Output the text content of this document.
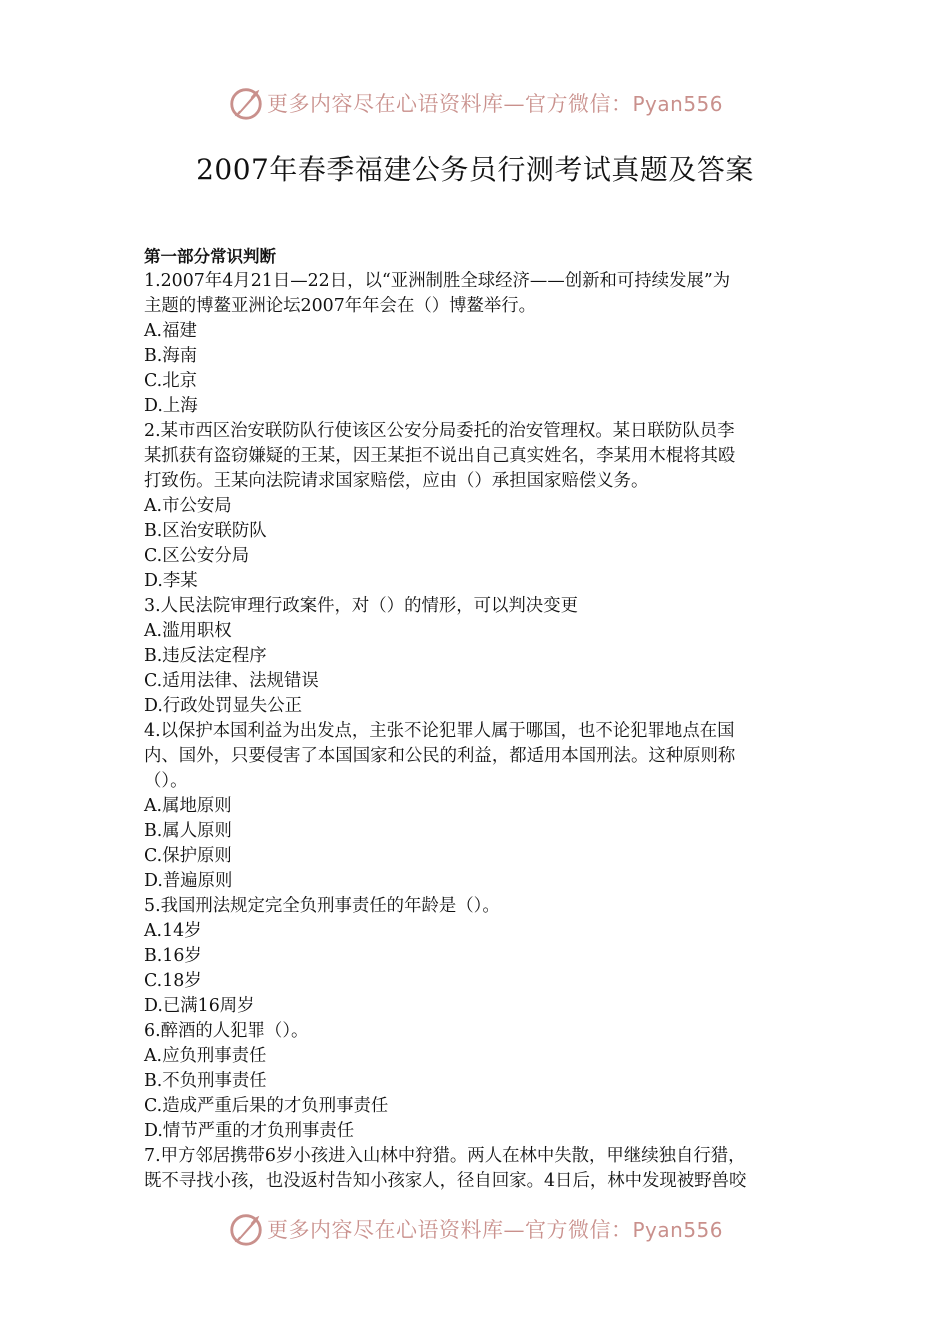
更多内容尽在心语资料库—官方微信：Pyan556
2007年春季福建公务员行测考试真题及答案
第一部分常识判断
1.2007年4月21日—22日，以“亚洲制胜全球经济——创新和可持续发展”为
主题的博鳌亚洲论坛2007年年会在（）博鳌举行。
A.福建
B.海南
C.北京
D.上海
2.某市西区治安联防队行使该区公安分局委托的治安管理权。某日联防队员李
某抓获有盗窃嫌疑的王某，因王某拒不说出自己真实姓名，李某用木棍将其殴
打致伤。王某向法院请求国家赔偿，应由（）承担国家赔偿义务。
A.市公安局
B.区治安联防队
C.区公安分局
D.李某
3.人民法院审理行政案件，对（）的情形，可以判决变更
A.滥用职权
B.违反法定程序
C.适用法律、法规错误
D.行政处罚显失公正
4.以保护本国利益为出发点，主张不论犯罪人属于哪国，也不论犯罪地点在国
内、国外，只要侵害了本国国家和公民的利益，都适用本国刑法。这种原则称
（）。
A.属地原则
B.属人原则
C.保护原则
D.普遍原则
5.我国刑法规定完全负刑事责任的年龄是（）。
A.14岁
B.16岁
C.18岁
D.已满16周岁
6.醉酒的人犯罪（）。
A.应负刑事责任
B.不负刑事责任
C.造成严重后果的才负刑事责任
D.情节严重的才负刑事责任
7.甲方邻居携带6岁小孩进入山林中狩猎。两人在林中失散，甲继续独自行猎，
既不寻找小孩，也没返村告知小孩家人，径自回家。4日后，林中发现被野兽咬
更多内容尽在心语资料库—官方微信：Pyan556
